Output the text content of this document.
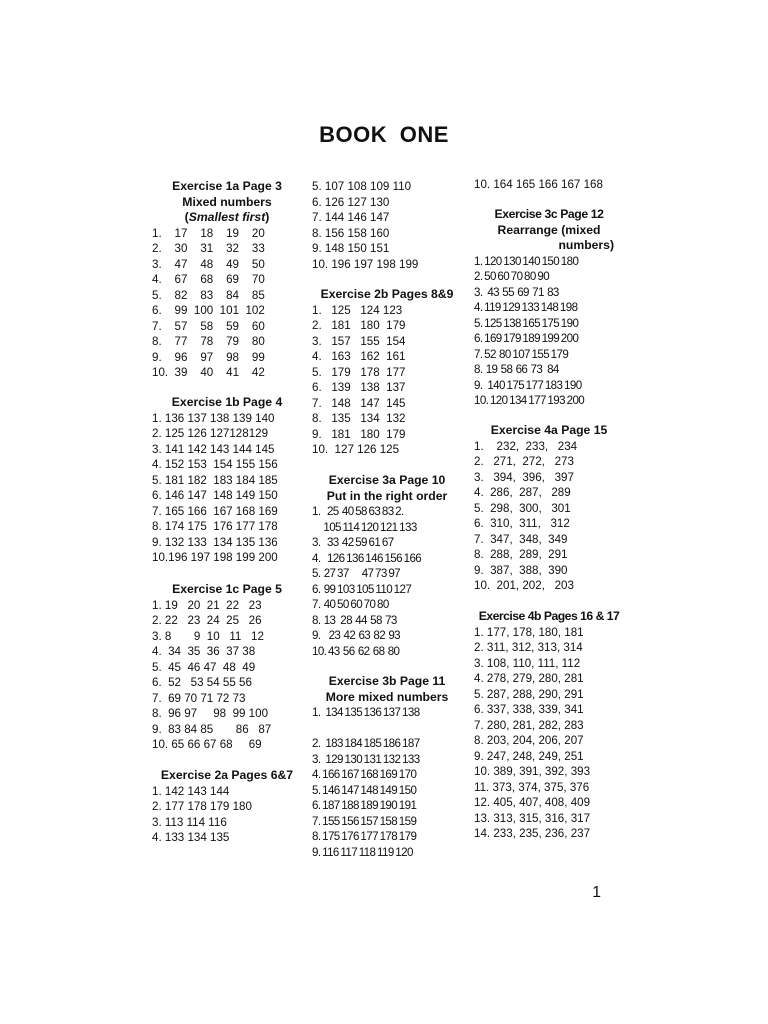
BOOK ONE
Exercise 1a Page 3
Mixed numbers
(Smallest first)
1.    17    18    19    20
2.    30    31    32    33
3.    47    48    49    50
4.    67    68    69    70
5.    82    83    84    85
6.    99  100  101  102
7.    57    58    59    60
8.    77    78    79    80
9.    96    97    98    99
10.  39    40    41    42
Exercise 1b Page 4
1. 136 137 138 139 140
2. 125 126 127128129
3. 141 142 143 144 145
4. 152 153  154 155 156
5. 181 182  183 184 185
6. 146 147  148 149 150
7. 165 166  167 168 169
8. 174 175  176 177 178
9. 132 133  134 135 136
10.196 197 198 199 200
Exercise 1c Page 5
1. 19   20  21  22   23
2. 22   23  24  25   26
3. 8       9  10   11   12
4.  34  35  36  37 38
5.  45  46 47  48  49
6.  52   53 54 55 56
7.  69 70 71 72 73
8.  96 97     98  99 100
9.  83 84 85       86   87
10. 65 66 67 68     69
Exercise 2a Pages 6&7
1. 142 143 144
2. 177 178 179 180
3. 113 114 116
4. 133 134 135
5. 107 108 109 110
6. 126 127 130
7. 144 146 147
8. 156 158 160
9. 148 150 151
10. 196 197 198 199
Exercise 2b Pages 8&9
1.   125   124 123
2.   181   180  179
3.   157   155  154
4.   163   162  161
5.   179   178  177
6.   139   138  137
7.   148   147  145
8.   135   134  132
9.   181   180  179
10.  127 126 125
Exercise 3a Page 10
Put in the right order
1.    25  40 58 63 83 2.
105 114 120 121 133
3.    33  42 59 61 67
4.    126 136 146 156 166
5.  27 37        47 73 97
6.  99 103 105 110 127
7.  40 50 60 70 80
8.  13   28  44  58  73
9.     23  42  63  82  93
10. 43  56  62  68  80
Exercise 3b Page 11
More mixed numbers
1.   134 135 136 137 138

2.   183 184 185 186 187
3.   129 130 131 132 133
4. 166 167 168 169 170
5. 146 147 148 149 150
6. 187 188 189 190 191
7. 155 156 157 158 159
8. 175 176 177 178 179
9. 116 117 118 119 120
10. 164 165 166 167 168
Exercise 3c Page 12
Rearrange (mixed
numbers)
1. 120 130 140 150 180
2. 50 60 70 80 90
3.   43  55  69  71  83
4. 119 129 133 148 198
5. 125 138 165 175 190
6. 169 179 189 199 200
7. 52  80 107 155 179
8.  19  58  66  73   84
9.   140 175 177 183 190
10. 120 134 177 193 200
Exercise 4a Page 15
1.    232,  233,   234
2.   271,  272,   273
3.   394,  396,   397
4.  286,  287,   289
5.  298,  300,   301
6.  310,  311,   312
7.  347,  348,  349
8.  288,  289,  291
9.  387,  388,  390
10.  201, 202,   203
Exercise 4b Pages 16 & 17
1. 177, 178, 180, 181
2. 311, 312, 313, 314
3. 108, 110, 111, 112
4. 278, 279, 280, 281
5. 287, 288, 290, 291
6. 337, 338, 339, 341
7. 280, 281, 282, 283
8. 203, 204, 206, 207
9. 247, 248, 249, 251
10. 389, 391, 392, 393
11. 373, 374, 375, 376
12. 405, 407, 408, 409
13. 313, 315, 316, 317
14. 233, 235, 236, 237
1
